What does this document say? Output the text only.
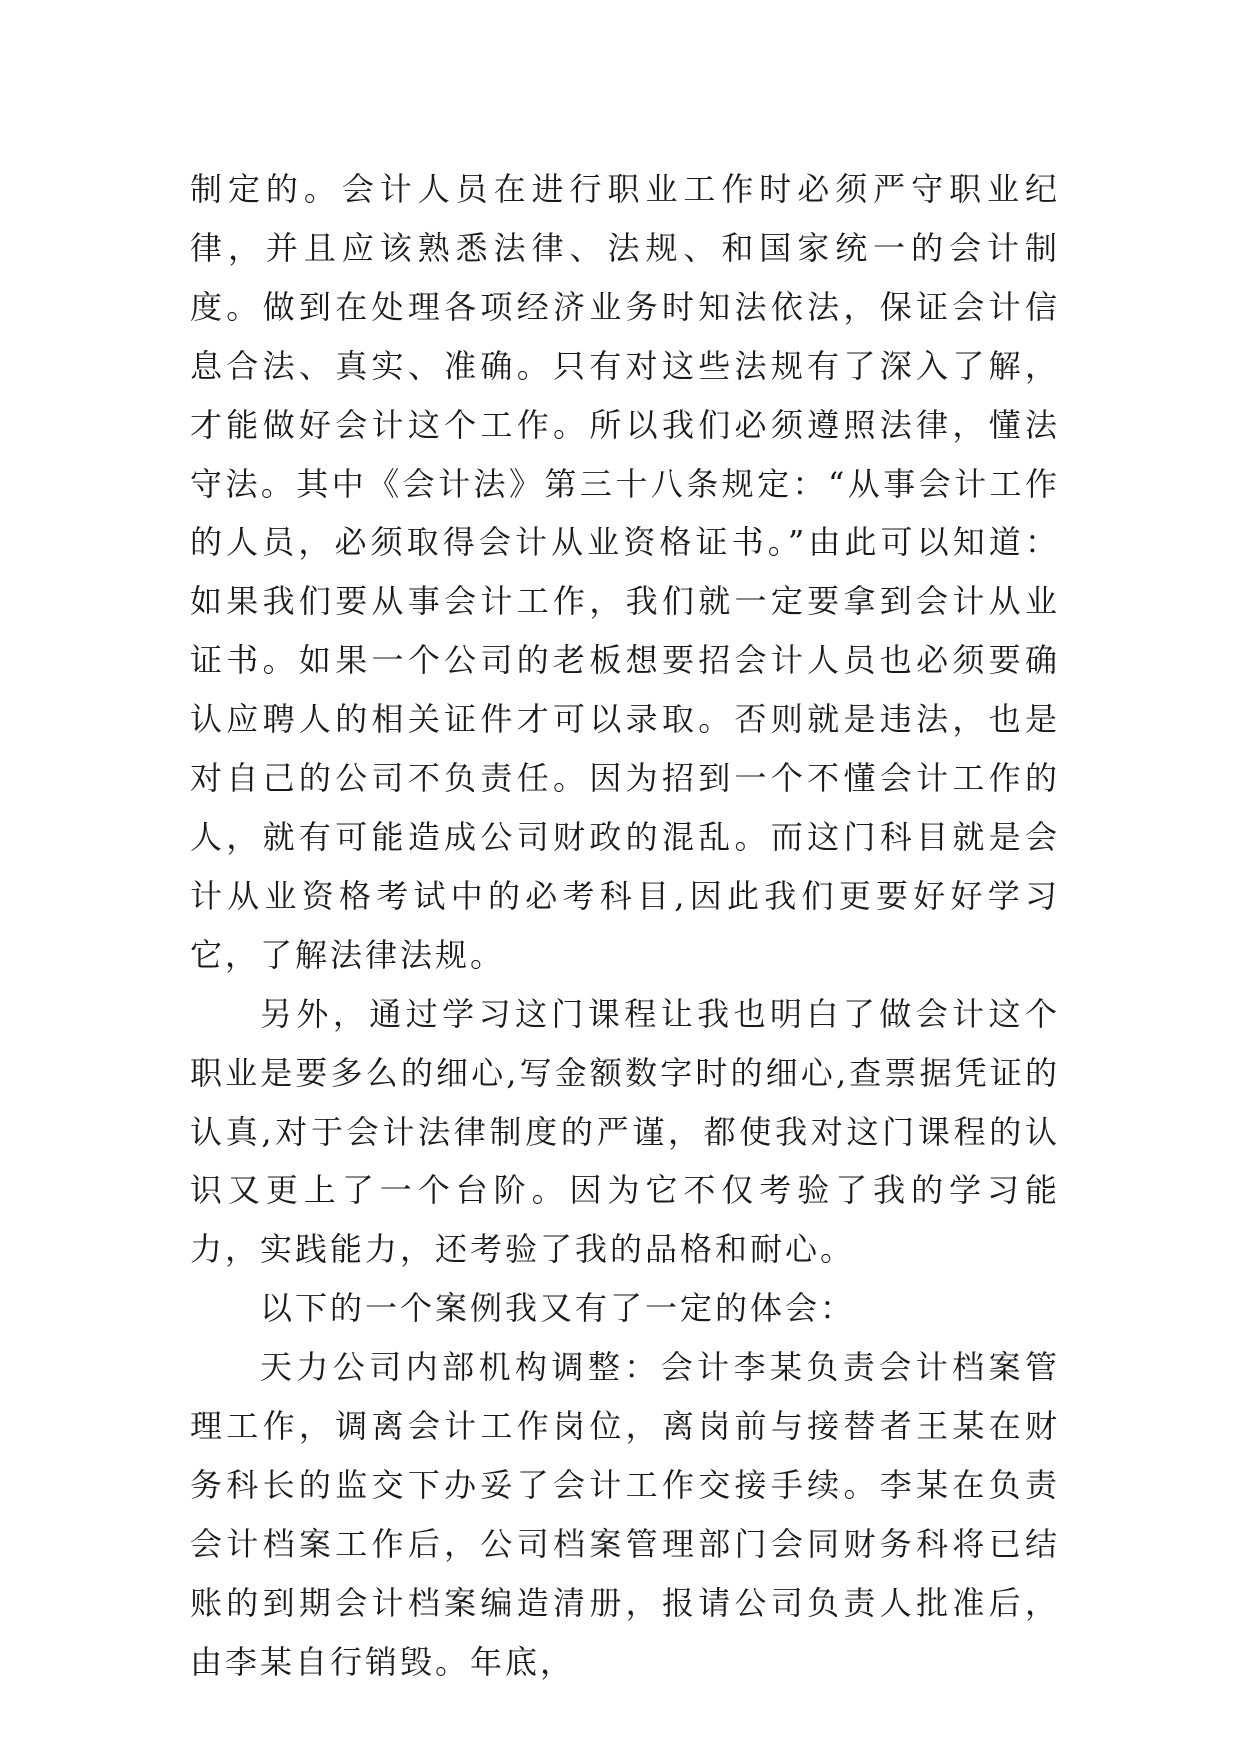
制定的。会计人员在进行职业工作时必须严守职业纪律，并且应该熟悉法律、法规、和国家统一的会计制度。做到在处理各项经济业务时知法依法，保证会计信息合法、真实、准确。只有对这些法规有了深入了解，才能做好会计这个工作。所以我们必须遵照法律，懂法守法。其中《会计法》第三十八条规定：“从事会计工作的人员，必须取得会计从业资格证书。”由此可以知道：如果我们要从事会计工作，我们就一定要拿到会计从业证书。如果一个公司的老板想要招会计人员也必须要确认应聘人的相关证件才可以录取。否则就是违法，也是对自己的公司不负责任。因为招到一个不懂会计工作的人，就有可能造成公司财政的混乱。而这门科目就是会计从业资格考试中的必考科目,因此我们更要好好学习它，了解法律法规。

另外，通过学习这门课程让我也明白了做会计这个职业是要多么的细心,写金额数字时的细心,查票据凭证的认真,对于会计法律制度的严谨，都使我对这门课程的认识又更上了一个台阶。因为它不仅考验了我的学习能力，实践能力，还考验了我的品格和耐心。

以下的一个案例我又有了一定的体会：

天力公司内部机构调整：会计李某负责会计档案管理工作，调离会计工作岗位，离岗前与接替者王某在财务科长的监交下办妥了会计工作交接手续。李某在负责会计档案工作后，公司档案管理部门会同财务科将已结账的到期会计档案编造清册，报请公司负责人批准后，由李某自行销毁。年底，
